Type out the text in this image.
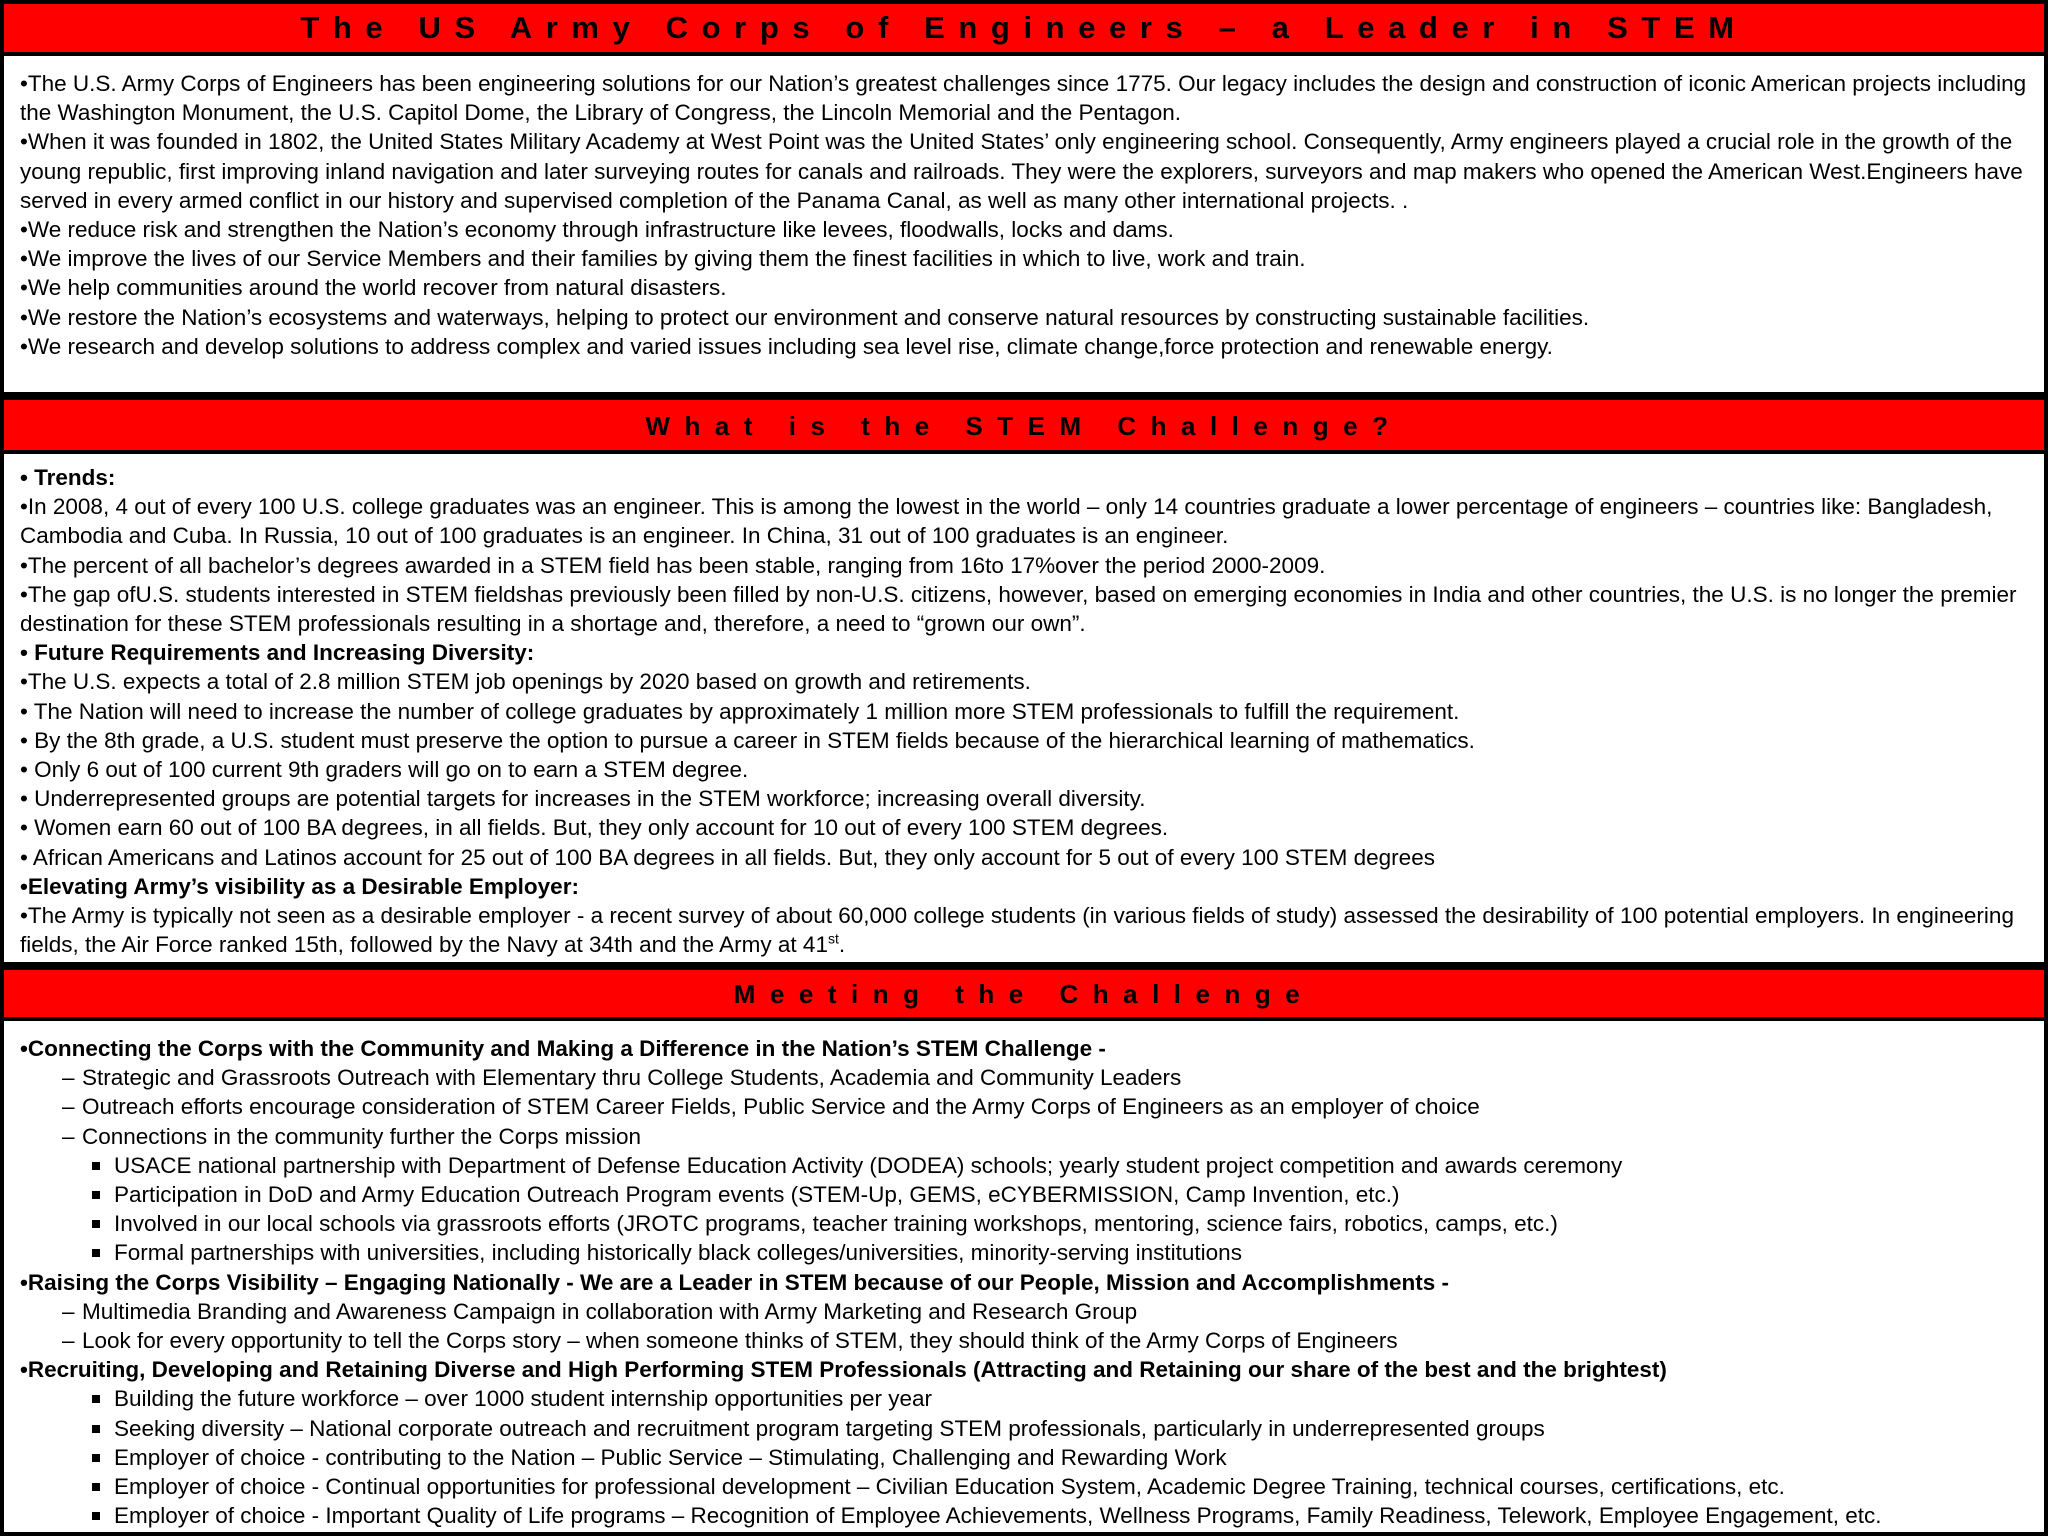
The US Army Corps of Engineers – a Leader in STEM
•The U.S. Army Corps of Engineers has been engineering solutions for our Nation’s greatest challenges since 1775. Our legacy includes the design and construction of iconic American projects including the Washington Monument, the U.S. Capitol Dome, the Library of Congress, the Lincoln Memorial and the Pentagon.
•When it was founded in 1802, the United States Military Academy at West Point was the United States’ only engineering school. Consequently, Army engineers played a crucial role in the growth of the young republic, first improving inland navigation and later surveying routes for canals and railroads. They were the explorers, surveyors and map makers who opened the American West.Engineers have served in every armed conflict in our history and supervised completion of the Panama Canal, as well as many other international projects. .
•We reduce risk and strengthen the Nation’s economy through infrastructure like levees, floodwalls, locks and dams.
•We improve the lives of our Service Members and their families by giving them the finest facilities in which to live, work and train.
•We help communities around the world recover from natural disasters.
•We restore the Nation’s ecosystems and waterways, helping to protect our environment and conserve natural resources by constructing sustainable facilities.
•We research and develop solutions to address complex and varied issues including sea level rise, climate change,force protection and renewable energy.
What is the STEM Challenge?
• Trends:
•In 2008, 4 out of every 100 U.S. college graduates was an engineer. This is among the lowest in the world – only 14 countries graduate a lower percentage of engineers – countries like: Bangladesh, Cambodia and Cuba. In Russia, 10 out of 100 graduates is an engineer. In China, 31 out of 100 graduates is an engineer.
•The percent of all bachelor’s degrees awarded in a STEM field has been stable, ranging from 16to 17%over the period 2000-2009.
•The gap ofU.S. students interested in STEM fieldshas previously been filled by non-U.S. citizens, however, based on emerging economies in India and other countries, the U.S. is no longer the premier destination for these STEM professionals resulting in a shortage and, therefore, a need to “grown our own”.
• Future Requirements and Increasing Diversity:
•The U.S. expects a total of 2.8 million STEM job openings by 2020 based on growth and retirements.
• The Nation will need to increase the number of college graduates by approximately 1 million more STEM professionals to fulfill the requirement.
• By the 8th grade, a U.S. student must preserve the option to pursue a career in STEM fields because of the hierarchical learning of mathematics.
• Only 6 out of 100 current 9th graders will go on to earn a STEM degree.
• Underrepresented groups are potential targets for increases in the STEM workforce; increasing overall diversity.
• Women earn 60 out of 100 BA degrees, in all fields. But, they only account for 10 out of every 100 STEM degrees.
• African Americans and Latinos account for 25 out of 100 BA degrees in all fields. But, they only account for 5 out of every 100 STEM degrees
•Elevating Army’s visibility as a Desirable Employer:
•The Army is typically not seen as a desirable employer - a recent survey of about 60,000 college students (in various fields of study) assessed the desirability of 100 potential employers. In engineering fields, the Air Force ranked 15th, followed by the Navy at 34th and the Army at 41st.
Meeting the Challenge
•Connecting the Corps with the Community and Making a Difference in the Nation’s STEM Challenge -
– Strategic and Grassroots Outreach with Elementary thru College Students, Academia and Community Leaders
– Outreach efforts encourage consideration of STEM Career Fields, Public Service and the Army Corps of Engineers as an employer of choice
– Connections in the community further the Corps mission
USACE national partnership with Department of Defense Education Activity (DODEA) schools; yearly student project competition and awards ceremony
Participation in DoD and Army Education Outreach Program events (STEM-Up, GEMS, eCYBERMISSION, Camp Invention, etc.)
Involved in our local schools via grassroots efforts (JROTC programs, teacher training workshops, mentoring, science fairs, robotics, camps, etc.)
Formal partnerships with universities, including historically black colleges/universities, minority-serving institutions
•Raising the Corps Visibility – Engaging Nationally - We are a Leader in STEM because of our People, Mission and Accomplishments -
– Multimedia Branding and Awareness Campaign in collaboration with Army Marketing and Research Group
– Look for every opportunity to tell the Corps story – when someone thinks of STEM, they should think of the Army Corps of Engineers
•Recruiting, Developing and Retaining Diverse and High Performing STEM Professionals (Attracting and Retaining our share of the best and the brightest)
Building the future workforce – over 1000 student internship opportunities per year
Seeking diversity – National corporate outreach and recruitment program targeting STEM professionals, particularly in underrepresented groups
Employer of choice - contributing to the Nation – Public Service – Stimulating, Challenging and Rewarding Work
Employer of choice - Continual opportunities for professional development – Civilian Education System, Academic Degree Training, technical courses, certifications, etc.
Employer of choice - Important Quality of Life programs – Recognition of Employee Achievements, Wellness Programs, Family Readiness, Telework, Employee Engagement, etc.
